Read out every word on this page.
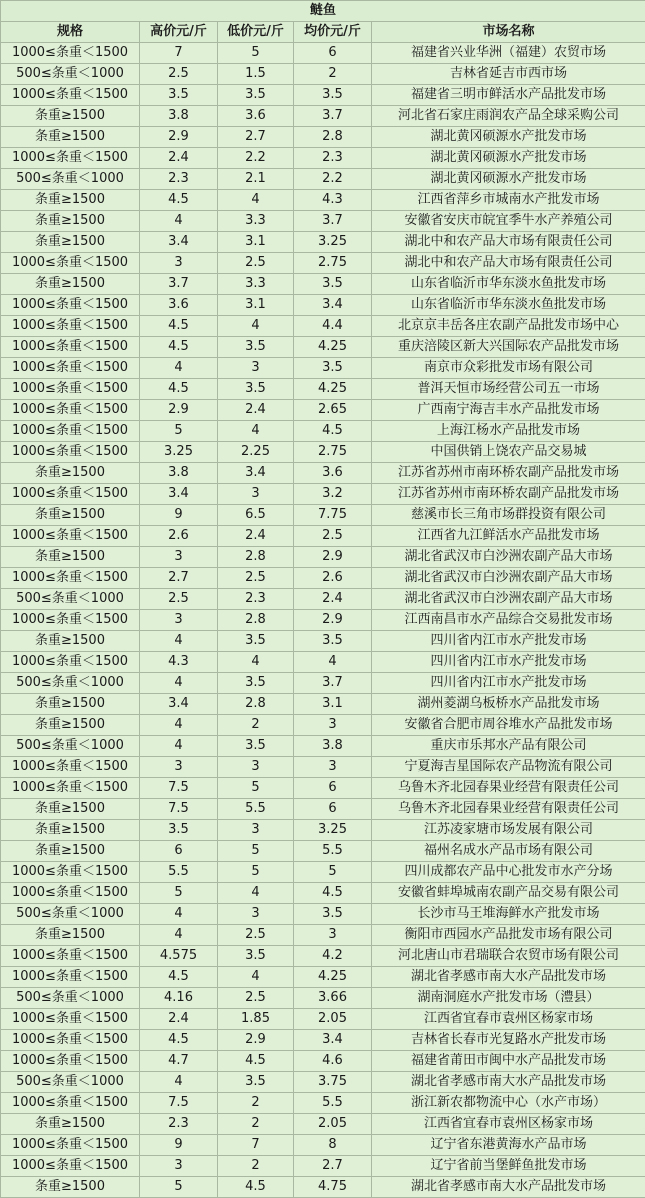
鲢鱼				
规格	高价元/斤	低价元/斤	均价元/斤	市场名称
1000≤条重＜1500	7	5	6	福建省兴业华洲（福建）农贸市场
500≤条重＜1000	2.5	1.5	2	吉林省延吉市西市场
1000≤条重＜1500	3.5	3.5	3.5	福建省三明市鲜活水产品批发市场
条重≥1500	3.8	3.6	3.7	河北省石家庄雨润农产品全球采购公司
条重≥1500	2.9	2.7	2.8	湖北黄冈硕源水产批发市场
1000≤条重＜1500	2.4	2.2	2.3	湖北黄冈硕源水产批发市场
500≤条重＜1000	2.3	2.1	2.2	湖北黄冈硕源水产批发市场
条重≥1500	4.5	4	4.3	江西省萍乡市城南水产批发市场
条重≥1500	4	3.3	3.7	安徽省安庆市皖宜季牛水产养殖公司
条重≥1500	3.4	3.1	3.25	湖北中和农产品大市场有限责任公司
1000≤条重＜1500	3	2.5	2.75	湖北中和农产品大市场有限责任公司
条重≥1500	3.7	3.3	3.5	山东省临沂市华东淡水鱼批发市场
1000≤条重＜1500	3.6	3.1	3.4	山东省临沂市华东淡水鱼批发市场
1000≤条重＜1500	4.5	4	4.4	北京京丰岳各庄农副产品批发市场中心
1000≤条重＜1500	4.5	3.5	4.25	重庆涪陵区新大兴国际农产品批发市场
1000≤条重＜1500	4	3	3.5	南京市众彩批发市场有限公司
1000≤条重＜1500	4.5	3.5	4.25	普洱天恒市场经营公司五一市场
1000≤条重＜1500	2.9	2.4	2.65	广西南宁海吉丰水产品批发市场
1000≤条重＜1500	5	4	4.5	上海江杨水产品批发市场
1000≤条重＜1500	3.25	2.25	2.75	中国供销上饶农产品交易城
条重≥1500	3.8	3.4	3.6	江苏省苏州市南环桥农副产品批发市场
1000≤条重＜1500	3.4	3	3.2	江苏省苏州市南环桥农副产品批发市场
条重≥1500	9	6.5	7.75	慈溪市长三角市场群投资有限公司
1000≤条重＜1500	2.6	2.4	2.5	江西省九江鲜活水产品批发市场
条重≥1500	3	2.8	2.9	湖北省武汉市白沙洲农副产品大市场
1000≤条重＜1500	2.7	2.5	2.6	湖北省武汉市白沙洲农副产品大市场
500≤条重＜1000	2.5	2.3	2.4	湖北省武汉市白沙洲农副产品大市场
1000≤条重＜1500	3	2.8	2.9	江西南昌市水产品综合交易批发市场
条重≥1500	4	3.5	3.5	四川省内江市水产批发市场
1000≤条重＜1500	4.3	4	4	四川省内江市水产批发市场
500≤条重＜1000	4	3.5	3.7	四川省内江市水产批发市场
条重≥1500	3.4	2.8	3.1	湖州菱湖乌板桥水产品批发市场
条重≥1500	4	2	3	安徽省合肥市周谷堆水产品批发市场
500≤条重＜1000	4	3.5	3.8	重庆市乐邦水产品有限公司
1000≤条重＜1500	3	3	3	宁夏海吉星国际农产品物流有限公司
1000≤条重＜1500	7.5	5	6	乌鲁木齐北园春果业经营有限责任公司
条重≥1500	7.5	5.5	6	乌鲁木齐北园春果业经营有限责任公司
条重≥1500	3.5	3	3.25	江苏凌家塘市场发展有限公司
条重≥1500	6	5	5.5	福州名成水产品市场有限公司
1000≤条重＜1500	5.5	5	5	四川成都农产品中心批发市水产分场
1000≤条重＜1500	5	4	4.5	安徽省蚌埠城南农副产品交易有限公司
500≤条重＜1000	4	3	3.5	长沙市马王堆海鲜水产批发市场
条重≥1500	4	2.5	3	衡阳市西园水产品批发市场有限公司
1000≤条重＜1500	4.575	3.5	4.2	河北唐山市君瑞联合农贸市场有限公司
1000≤条重＜1500	4.5	4	4.25	湖北省孝感市南大水产品批发市场
500≤条重＜1000	4.16	2.5	3.66	湖南洞庭水产批发市场（澧县）
1000≤条重＜1500	2.4	1.85	2.05	江西省宜春市袁州区杨家市场
1000≤条重＜1500	4.5	2.9	3.4	吉林省长春市光复路水产批发市场
1000≤条重＜1500	4.7	4.5	4.6	福建省莆田市闽中水产品批发市场
500≤条重＜1000	4	3.5	3.75	湖北省孝感市南大水产品批发市场
1000≤条重＜1500	7.5	2	5.5	浙江新农都物流中心（水产市场）
条重≥1500	2.3	2	2.05	江西省宜春市袁州区杨家市场
1000≤条重＜1500	9	7	8	辽宁省东港黄海水产品市场
1000≤条重＜1500	3	2	2.7	辽宁省前当堡鲜鱼批发市场
条重≥1500	5	4.5	4.75	湖北省孝感市南大水产品批发市场
